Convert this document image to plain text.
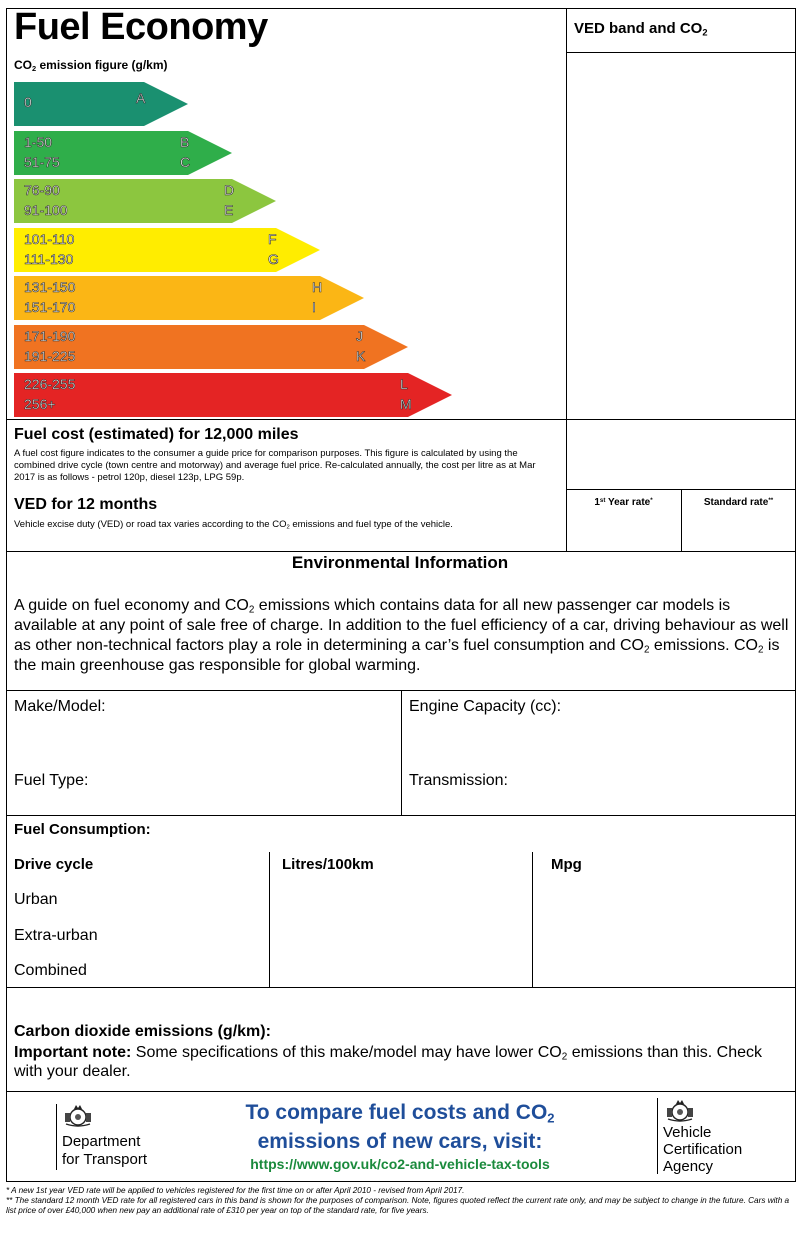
Fuel Economy	VED band and $CO_2$
$CO_2$ emission figure (g/km)
0	A
1-50	B
51-75	C
76-90	D
91-100	E
101-110	F
111-130	G
131-150	H
151-170	I
171-190	J
191-225	K
226-255	L
256+	M
Fuel cost (estimated) for 12,000 miles
A fuel cost figure indicates to the consumer a guide price for comparison purposes. This figure is calculated by using the combined drive cycle (town centre and motorway) and average fuel price. Re-calculated annually, the cost per litre as at Mar 2017 is as follows - petrol 120p, diesel 123p, LPG 59p.
VED for 12 months
Vehicle excise duty (VED) or road tax varies according to the $CO_2$ emissions and fuel type of the vehicle.
1st Year rate*	Standard rate**
Environmental Information
A guide on fuel economy and $CO_2$ emissions which contains data for all new passenger car models is available at any point of sale free of charge. In addition to the fuel efficiency of a car, driving behaviour as well as other non-technical factors play a role in determining a car’s fuel consumption and $CO_2$ emissions. $CO_2$ is the main greenhouse gas responsible for global warming.
Make/Model:	Engine Capacity (cc):
Fuel Type:	Transmission:
Fuel Consumption:
Drive cycle	Litres/100km	Mpg
Urban
Extra-urban
Combined
Carbon dioxide emissions (g/km):
Important note: Some specifications of this make/model may have lower $CO_2$ emissions than this. Check with your dealer.
Department
for Transport
To compare fuel costs and $CO_2$
emissions of new cars, visit:
https://www.gov.uk/co2-and-vehicle-tax-tools
Vehicle
Certification
Agency
* A new 1st year VED rate will be applied to vehicles registered for the first time on or after April 2010 - revised from April 2017.
** The standard 12 month VED rate for all registered cars in this band is shown for the purposes of comparison. Note, figures quoted reflect the current rate only, and may be subject to change in the future. Cars with a list price of over £40,000 when new pay an additional rate of £310 per year on top of the standard rate, for five years.
